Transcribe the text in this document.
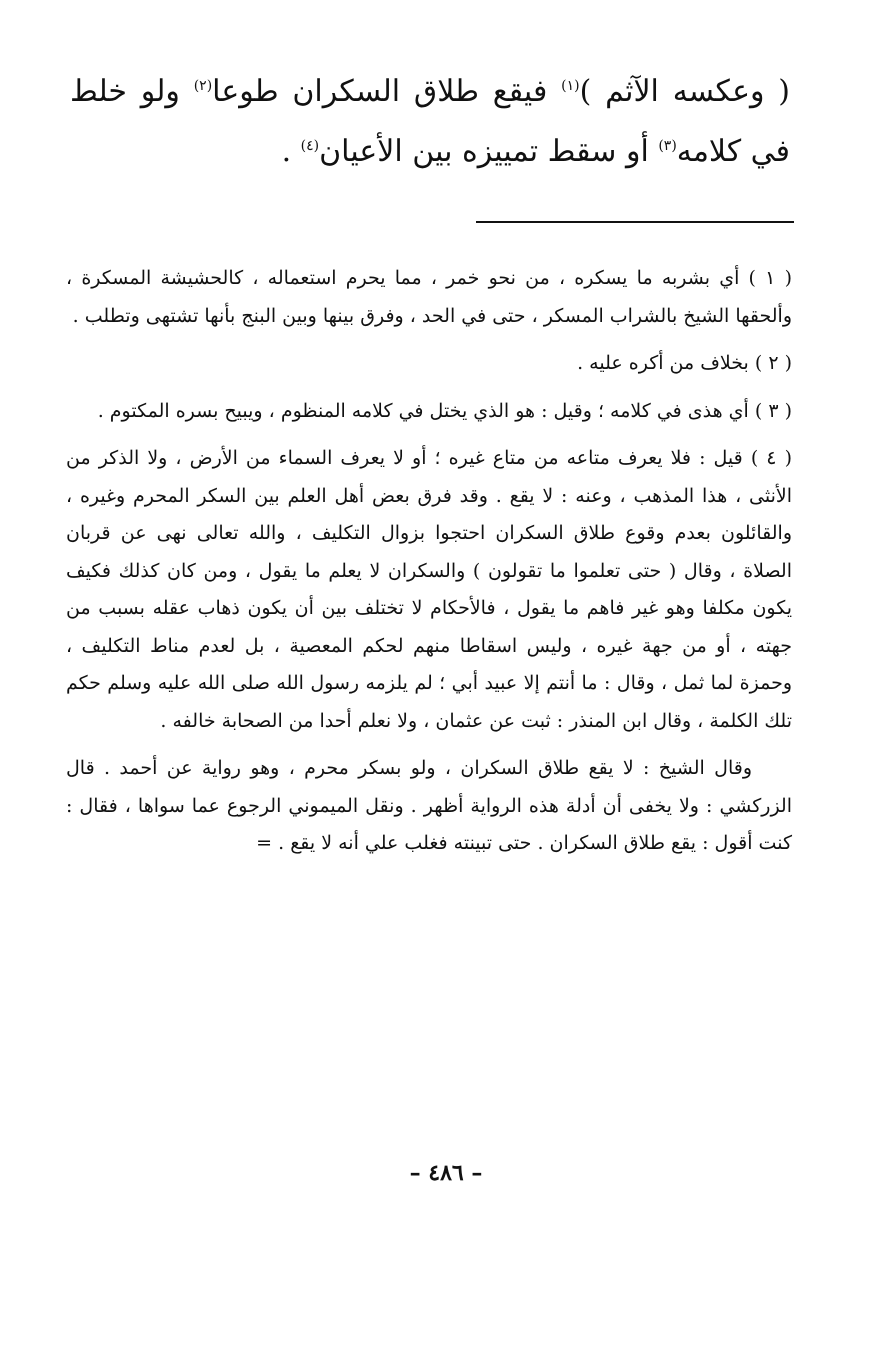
( وعكسه الآثم )$^{(١)}$ فيقع طلاق السكران طوعا$^{(٢)}$ ولو خلط في كلامه$^{(٣)}$ أو سقط تمييزه بين الأعيان$^{(٤)}$ .

( ١ ) أي بشربه ما يسكره ، من نحو خمر ، مما يحرم استعماله ، كالحشيشة المسكرة ، وألحقها الشيخ بالشراب المسكر ، حتى في الحد ، وفرق بينها وبين البنج بأنها تشتهى وتطلب .

( ٢ ) بخلاف من أكره عليه .

( ٣ ) أي هذى في كلامه ؛ وقيل : هو الذي يختل في كلامه المنظوم ، ويبيح بسره المكتوم .

( ٤ ) قيل : فلا يعرف متاعه من متاع غيره ؛ أو لا يعرف السماء من الأرض ، ولا الذكر من الأنثى ، هذا المذهب ، وعنه : لا يقع . وقد فرق بعض أهل العلم بين السكر المحرم وغيره ، والقائلون بعدم وقوع طلاق السكران احتجوا بزوال التكليف ، والله تعالى نهى عن قربان الصلاة ، وقال ( حتى تعلموا ما تقولون ) والسكران لا يعلم ما يقول ، ومن كان كذلك فكيف يكون مكلفا وهو غير فاهم ما يقول ، فالأحكام لا تختلف بين أن يكون ذهاب عقله بسبب من جهته ، أو من جهة غيره ، وليس اسقاطا منهم لحكم المعصية ، بل لعدم مناط التكليف ، وحمزة لما ثمل ، وقال : ما أنتم إلا عبيد أبي ؛ لم يلزمه رسول الله صلى الله عليه وسلم حكم تلك الكلمة ، وقال ابن المنذر : ثبت عن عثمان ، ولا نعلم أحدا من الصحابة خالفه .

وقال الشيخ : لا يقع طلاق السكران ، ولو بسكر محرم ، وهو رواية عن أحمد . قال الزركشي : ولا يخفى أن أدلة هذه الرواية أظهر . ونقل الميموني الرجوع عما سواها ، فقال : كنت أقول : يقع طلاق السكران . حتى تبينته فغلب علي أنه لا يقع . =

– ٤٨٦ –
